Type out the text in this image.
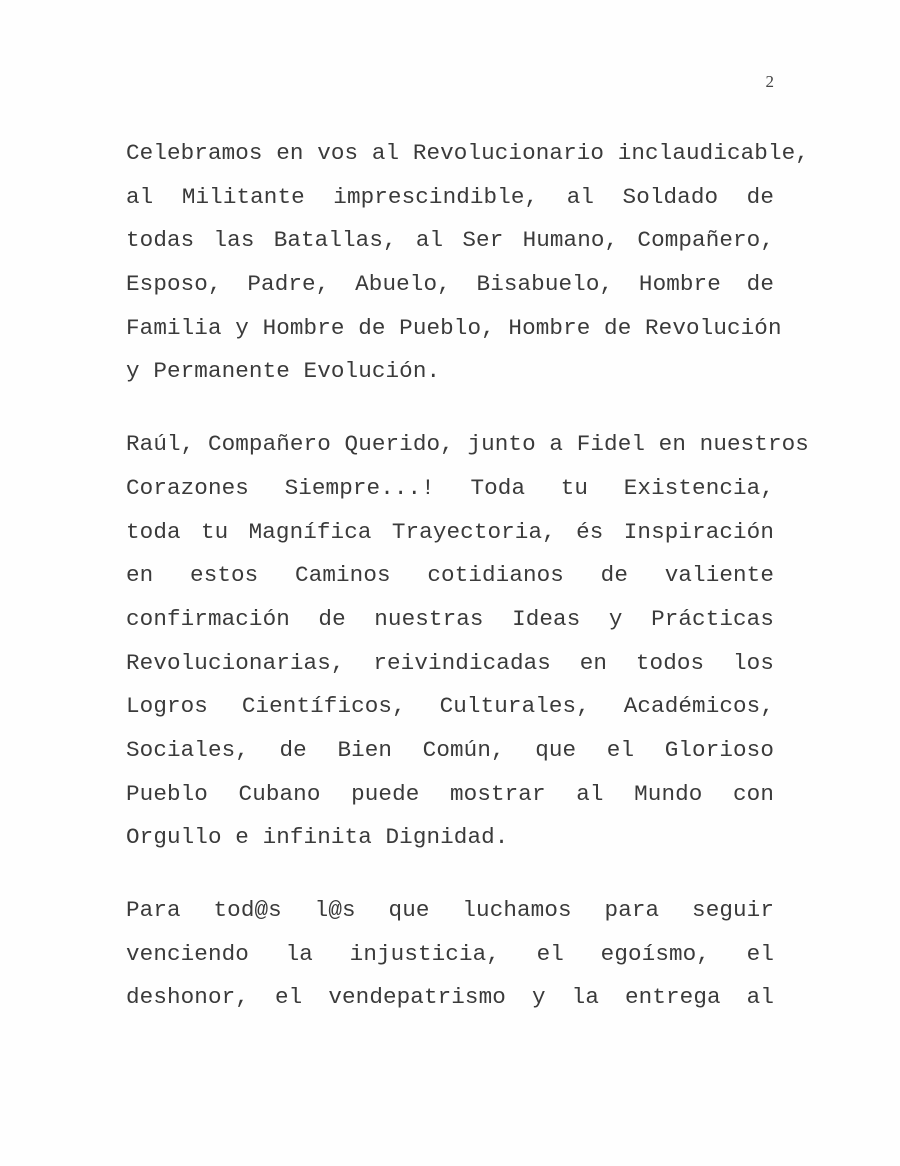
2

Celebramos en vos al Revolucionario inclaudicable,
al Militante imprescindible, al Soldado de
todas las Batallas, al Ser Humano, Compañero,
Esposo, Padre, Abuelo, Bisabuelo, Hombre de
Familia y Hombre de Pueblo, Hombre de Revolución
y Permanente Evolución.

Raúl, Compañero Querido, junto a Fidel en nuestros
Corazones Siempre...! Toda tu Existencia,
toda tu Magnífica Trayectoria, és Inspiración
en estos Caminos cotidianos de valiente
confirmación de nuestras Ideas y Prácticas
Revolucionarias, reivindicadas en todos los
Logros Científicos, Culturales, Académicos,
Sociales, de Bien Común, que el Glorioso
Pueblo Cubano puede mostrar al Mundo con
Orgullo e infinita Dignidad.

Para tod@s l@s que luchamos para seguir
venciendo la injusticia, el egoísmo, el
deshonor, el vendepatrismo y la entrega al
